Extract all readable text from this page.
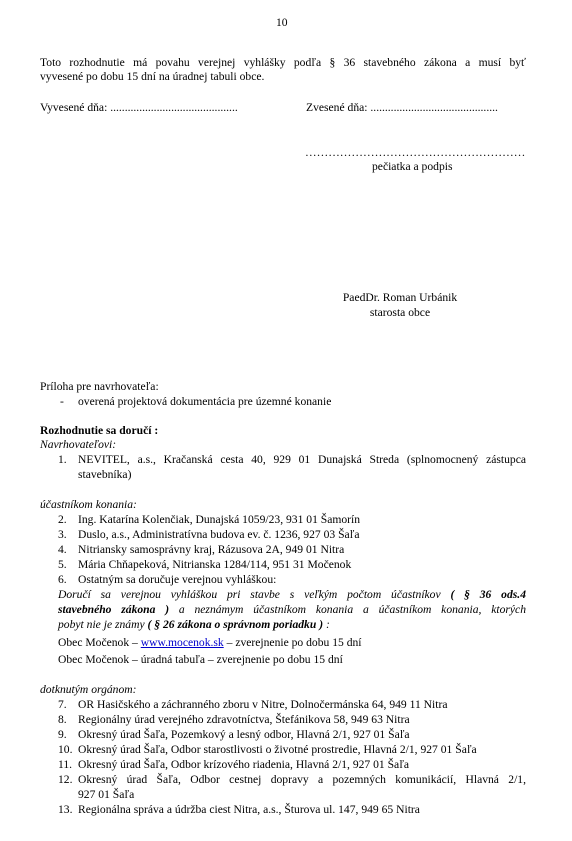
10
Toto rozhodnutie má povahu verejnej vyhlášky podľa § 36 stavebného zákona a musí byť
vyvesené po dobu 15 dní na úradnej tabuli obce.
Vyvesené dňa: ............................................	Zvesené dňa: ............................................
…………………………………………………
pečiatka a podpis
PaedDr. Roman Urbánik
starosta obce
Príloha pre navrhovateľa:
- overená projektová dokumentácia pre územné konanie
Rozhodnutie sa doručí :
Navrhovateľovi:
1. NEVITEL, a.s., Kračanská cesta 40, 929 01 Dunajská Streda (splnomocnený zástupca
stavebníka)
účastníkom konania:
2. Ing. Katarína Kolenčiak, Dunajská 1059/23, 931 01 Šamorín
3. Duslo, a.s., Administratívna budova ev. č. 1236, 927 03 Šaľa
4. Nitriansky samosprávny kraj, Rázusova 2A, 949 01 Nitra
5. Mária Chňapeková, Nitrianska 1284/114, 951 31 Močenok
6. Ostatným sa doručuje verejnou vyhláškou:
Doručí sa verejnou vyhláškou pri stavbe s veľkým počtom účastníkov ( § 36 ods.4
stavebného zákona ) a neznámym účastníkom konania a účastníkom konania, ktorých
pobyt nie je známy ( § 26 zákona o správnom poriadku ) :
Obec Močenok – www.mocenok.sk – zverejnenie po dobu 15 dní
Obec Močenok – úradná tabuľa – zverejnenie po dobu 15 dní
dotknutým orgánom:
7. OR Hasičského a záchranného zboru v Nitre, Dolnočermánska 64, 949 11 Nitra
8. Regionálny úrad verejného zdravotníctva, Štefánikova 58, 949 63 Nitra
9. Okresný úrad Šaľa, Pozemkový a lesný odbor, Hlavná 2/1, 927 01 Šaľa
10. Okresný úrad Šaľa, Odbor starostlivosti o životné prostredie, Hlavná 2/1, 927 01 Šaľa
11. Okresný úrad Šaľa, Odbor krízového riadenia, Hlavná 2/1, 927 01 Šaľa
12. Okresný úrad Šaľa, Odbor cestnej dopravy a pozemných komunikácií, Hlavná 2/1,
927 01 Šaľa
13. Regionálna správa a údržba ciest Nitra, a.s., Šturova ul. 147, 949 65 Nitra
